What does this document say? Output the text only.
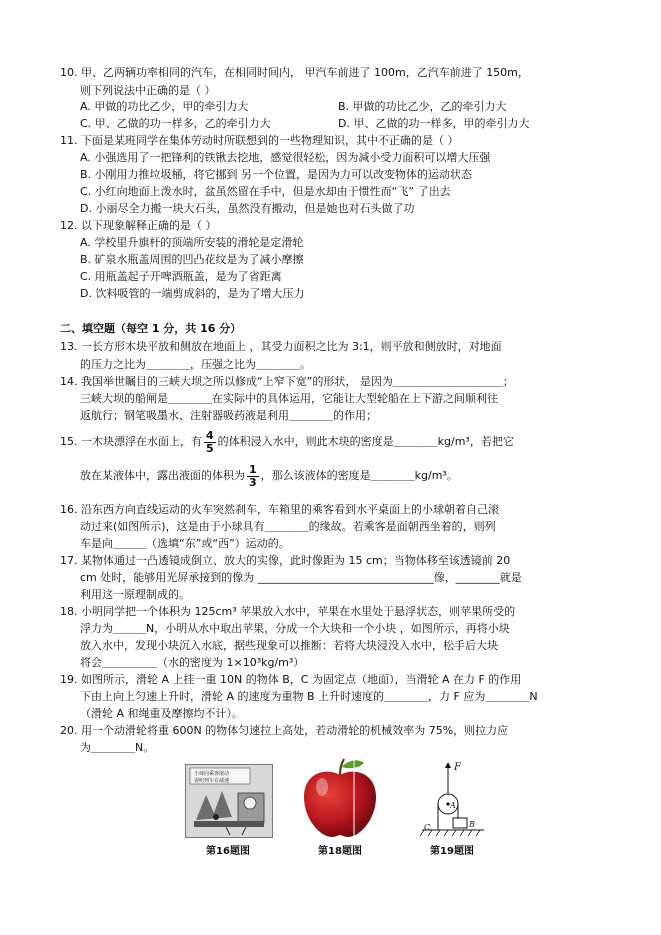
10. 甲、乙两辆功率相同的汽车，在相同时间内， 甲汽车前进了 100m，乙汽车前进了 150m，
则下列说法中正确的是（ ）
A. 甲做的功比乙少，甲的牵引力大	B. 甲做的功比乙少，乙的牵引力大
C. 甲、乙做的功一样多，乙的牵引力大	D. 甲、乙做的功一样多，甲的牵引力大
11. 下面是某班同学在集体劳动时所联想到的一些物理知识，其中不正确的是（ ）
A. 小强选用了一把锋利的铁锹去挖地，感觉很轻松，因为减小受力面积可以增大压强
B. 小刚用力推垃圾桶，将它挪到 另一个位置，是因为力可以改变物体的运动状态
C. 小红向地面上泼水时，盆虽然留在手中，但是水却由于惯性而“飞” 了出去
D. 小丽尽全力搬一块大石头，虽然没有搬动，但是她也对石头做了功
12. 以下现象解释正确的是（ ）
A. 学校里升旗杆的顶端所安装的滑轮是定滑轮
B. 矿泉水瓶盖周围的凹凸花纹是为了减小摩擦
C. 用瓶盖起子开啤酒瓶盖，是为了省距离
D. 饮料吸管的一端剪成斜的，是为了增大压力
二、填空题（每空 1 分，共 16 分）
13. 一长方形木块平放和侧放在地面上 ，其受力面积之比为 3:1，则平放和侧放时，对地面
的压力之比为＿＿＿＿，压强之比为＿＿＿＿。
14. 我国举世瞩目的三峡大坝之所以修成“上窄下宽”的形状， 是因为＿＿＿＿＿＿＿＿＿＿；
三峡大坝的船闸是＿＿＿＿在实际中的具体运用，它能让大型轮船在上下游之间顺利往
返航行；钢笔吸墨水、注射器吸药液是利用＿＿＿＿的作用；
15. 一木块漂浮在水面上，有 $\frac{4}{5}$ 的体积浸入水中，则此木块的密度是＿＿＿＿kg/m³，若把它
放在某液体中，露出液面的体积为 $\frac{1}{3}$ ，那么该液体的密度是＿＿＿＿kg/m³。
16. 沿东西方向直线运动的火车突然刹车，车箱里的乘客看到水平桌面上的小球朝着自己滚
动过来(如图所示)，这是由于小球具有＿＿＿＿的缘故。若乘客是面朝西坐着的，则列
车是向＿＿＿（选填“东”或“西”）运动的。
17. 某物体通过一凸透镜成倒立、放大的实像，此时像距为 15 cm；当物体移至该透镜前 20
cm 处时，能够用光屏承接到的像为 ________________________________像，________就是
利用这一原理制成的。
18. 小明同学把一个体积为 125cm³ 苹果放入水中，苹果在水里处于悬浮状态，则苹果所受的
浮力为＿＿＿N，小明从水中取出苹果，分成一个大块和一个小块 ，如图所示，再将小块
放入水中，发现小块沉入水底，据些现象可以推断：若将大块浸没入水中，松手后大块
将会＿＿＿＿＿（水的密度为 1×10³kg/m³）
19. 如图所示，滑轮 A 上挂一重 10N 的物体 B，C 为固定点（地面），当滑轮 A 在力 F 的作用
下由上向上匀速上升时，滑轮 A 的速度为重物 B 上升时速度的＿＿＿＿，力 F 应为＿＿＿＿N
（滑轮 A 和绳重及摩擦均不计）。
20. 用一个动滑轮将重 600N 的物体匀速拉上高处，若动滑轮的机械效率为 75%，则拉力应
为＿＿＿＿N。
小球向乘客滚动
说明列车在减速
第16题图	第18题图
F
A
B
C
第19题图
